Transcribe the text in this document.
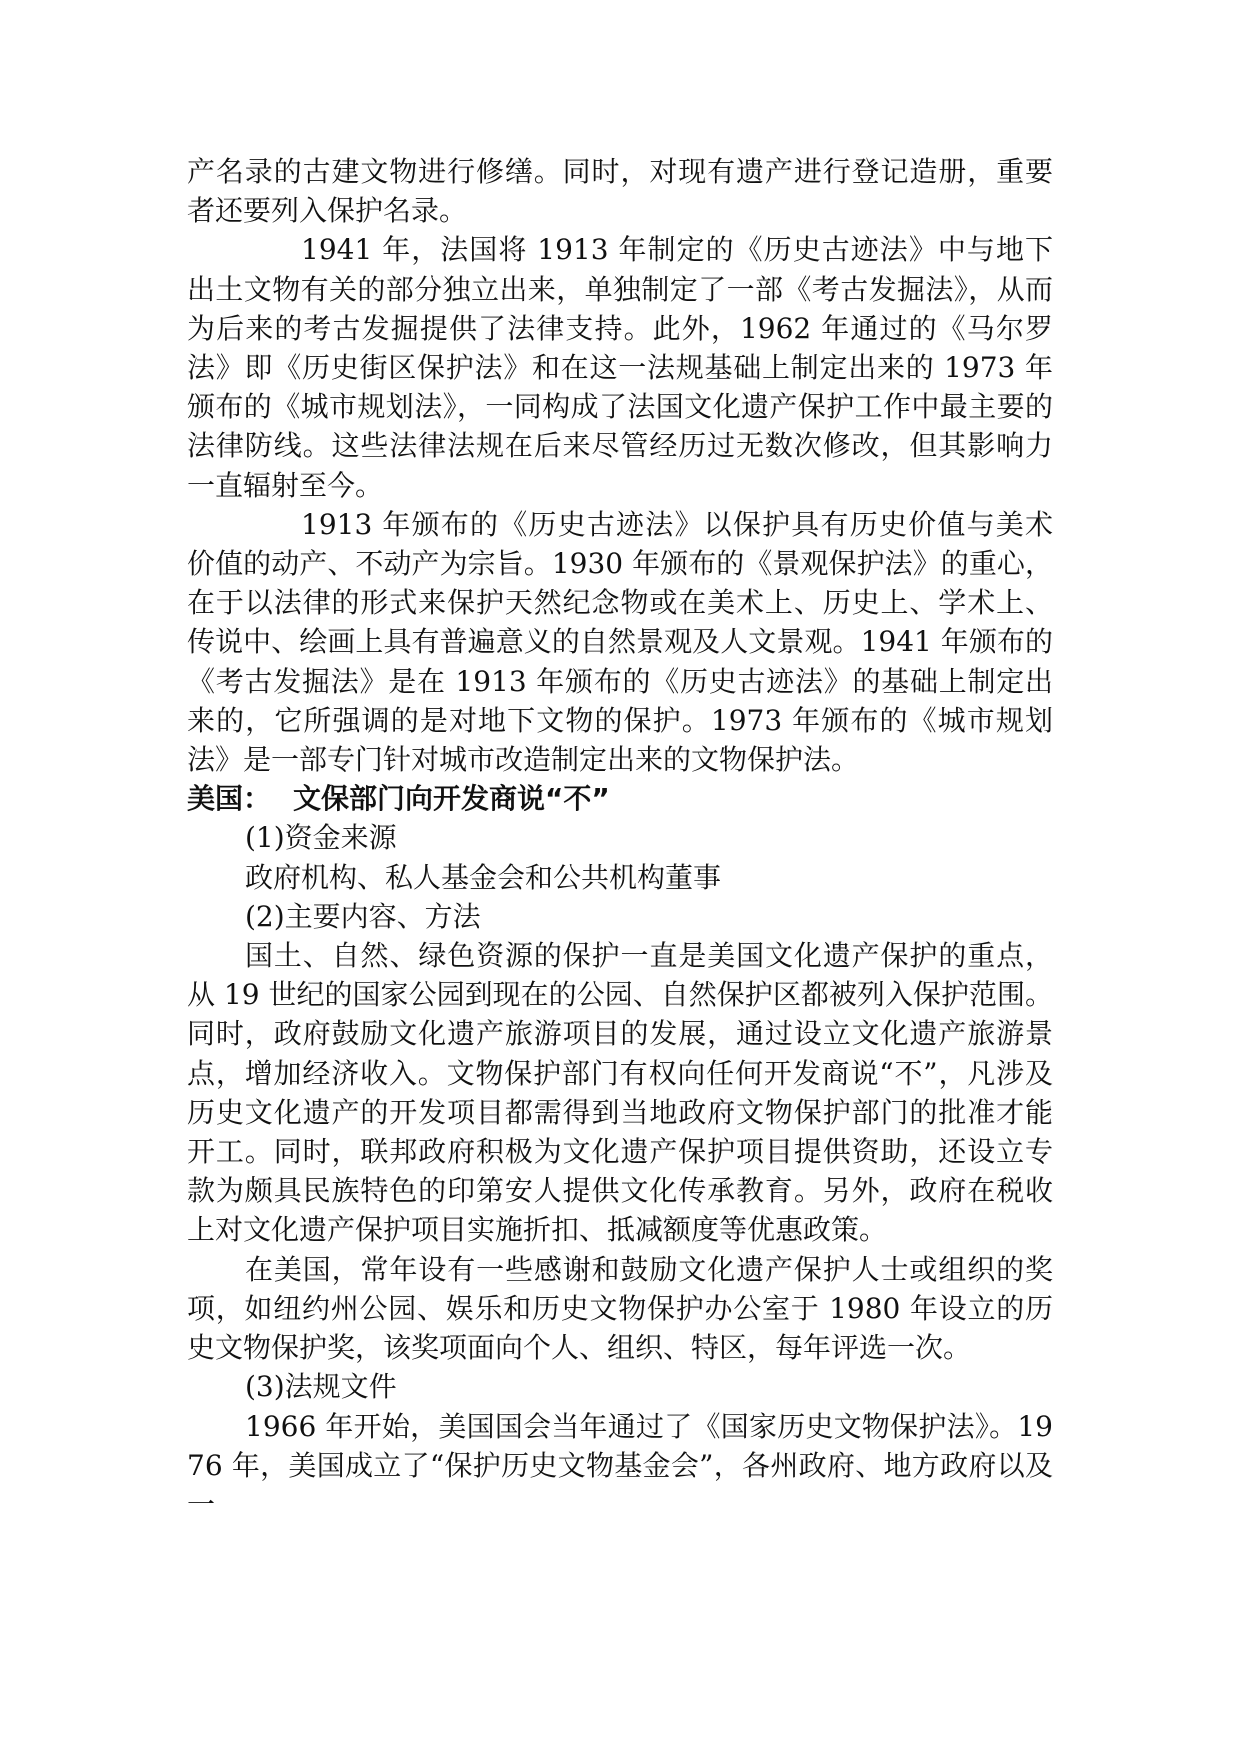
产名录的古建文物进行修缮。同时，对现有遗产进行登记造册，重要者还要列入保护名录。

1941 年，法国将 1913 年制定的《历史古迹法》中与地下出土文物有关的部分独立出来，单独制定了一部《考古发掘法》，从而为后来的考古发掘提供了法律支持。此外，1962 年通过的《马尔罗法》即《历史街区保护法》和在这一法规基础上制定出来的 1973 年颁布的《城市规划法》，一同构成了法国文化遗产保护工作中最主要的法律防线。这些法律法规在后来尽管经历过无数次修改，但其影响力一直辐射至今。

1913 年颁布的《历史古迹法》以保护具有历史价值与美术价值的动产、不动产为宗旨。1930 年颁布的《景观保护法》的重心，在于以法律的形式来保护天然纪念物或在美术上、历史上、学术上、传说中、绘画上具有普遍意义的自然景观及人文景观。1941 年颁布的《考古发掘法》是在 1913 年颁布的《历史古迹法》的基础上制定出来的，它所强调的是对地下文物的保护。1973 年颁布的《城市规划法》是一部专门针对城市改造制定出来的文物保护法。

美国： 文保部门向开发商说“不”

(1)资金来源

政府机构、私人基金会和公共机构董事

(2)主要内容、方法

国土、自然、绿色资源的保护一直是美国文化遗产保护的重点，从 19 世纪的国家公园到现在的公园、自然保护区都被列入保护范围。同时，政府鼓励文化遗产旅游项目的发展，通过设立文化遗产旅游景点，增加经济收入。文物保护部门有权向任何开发商说“不”，凡涉及历史文化遗产的开发项目都需得到当地政府文物保护部门的批准才能开工。同时，联邦政府积极为文化遗产保护项目提供资助，还设立专款为颇具民族特色的印第安人提供文化传承教育。另外，政府在税收上对文化遗产保护项目实施折扣、抵减额度等优惠政策。

在美国，常年设有一些感谢和鼓励文化遗产保护人士或组织的奖项，如纽约州公园、娱乐和历史文物保护办公室于 1980 年设立的历史文物保护奖，该奖项面向个人、组织、特区，每年评选一次。

(3)法规文件

1966 年开始，美国国会当年通过了《国家历史文物保护法》。1976 年，美国成立了“保护历史文物基金会”，各州政府、地方政府以及一
